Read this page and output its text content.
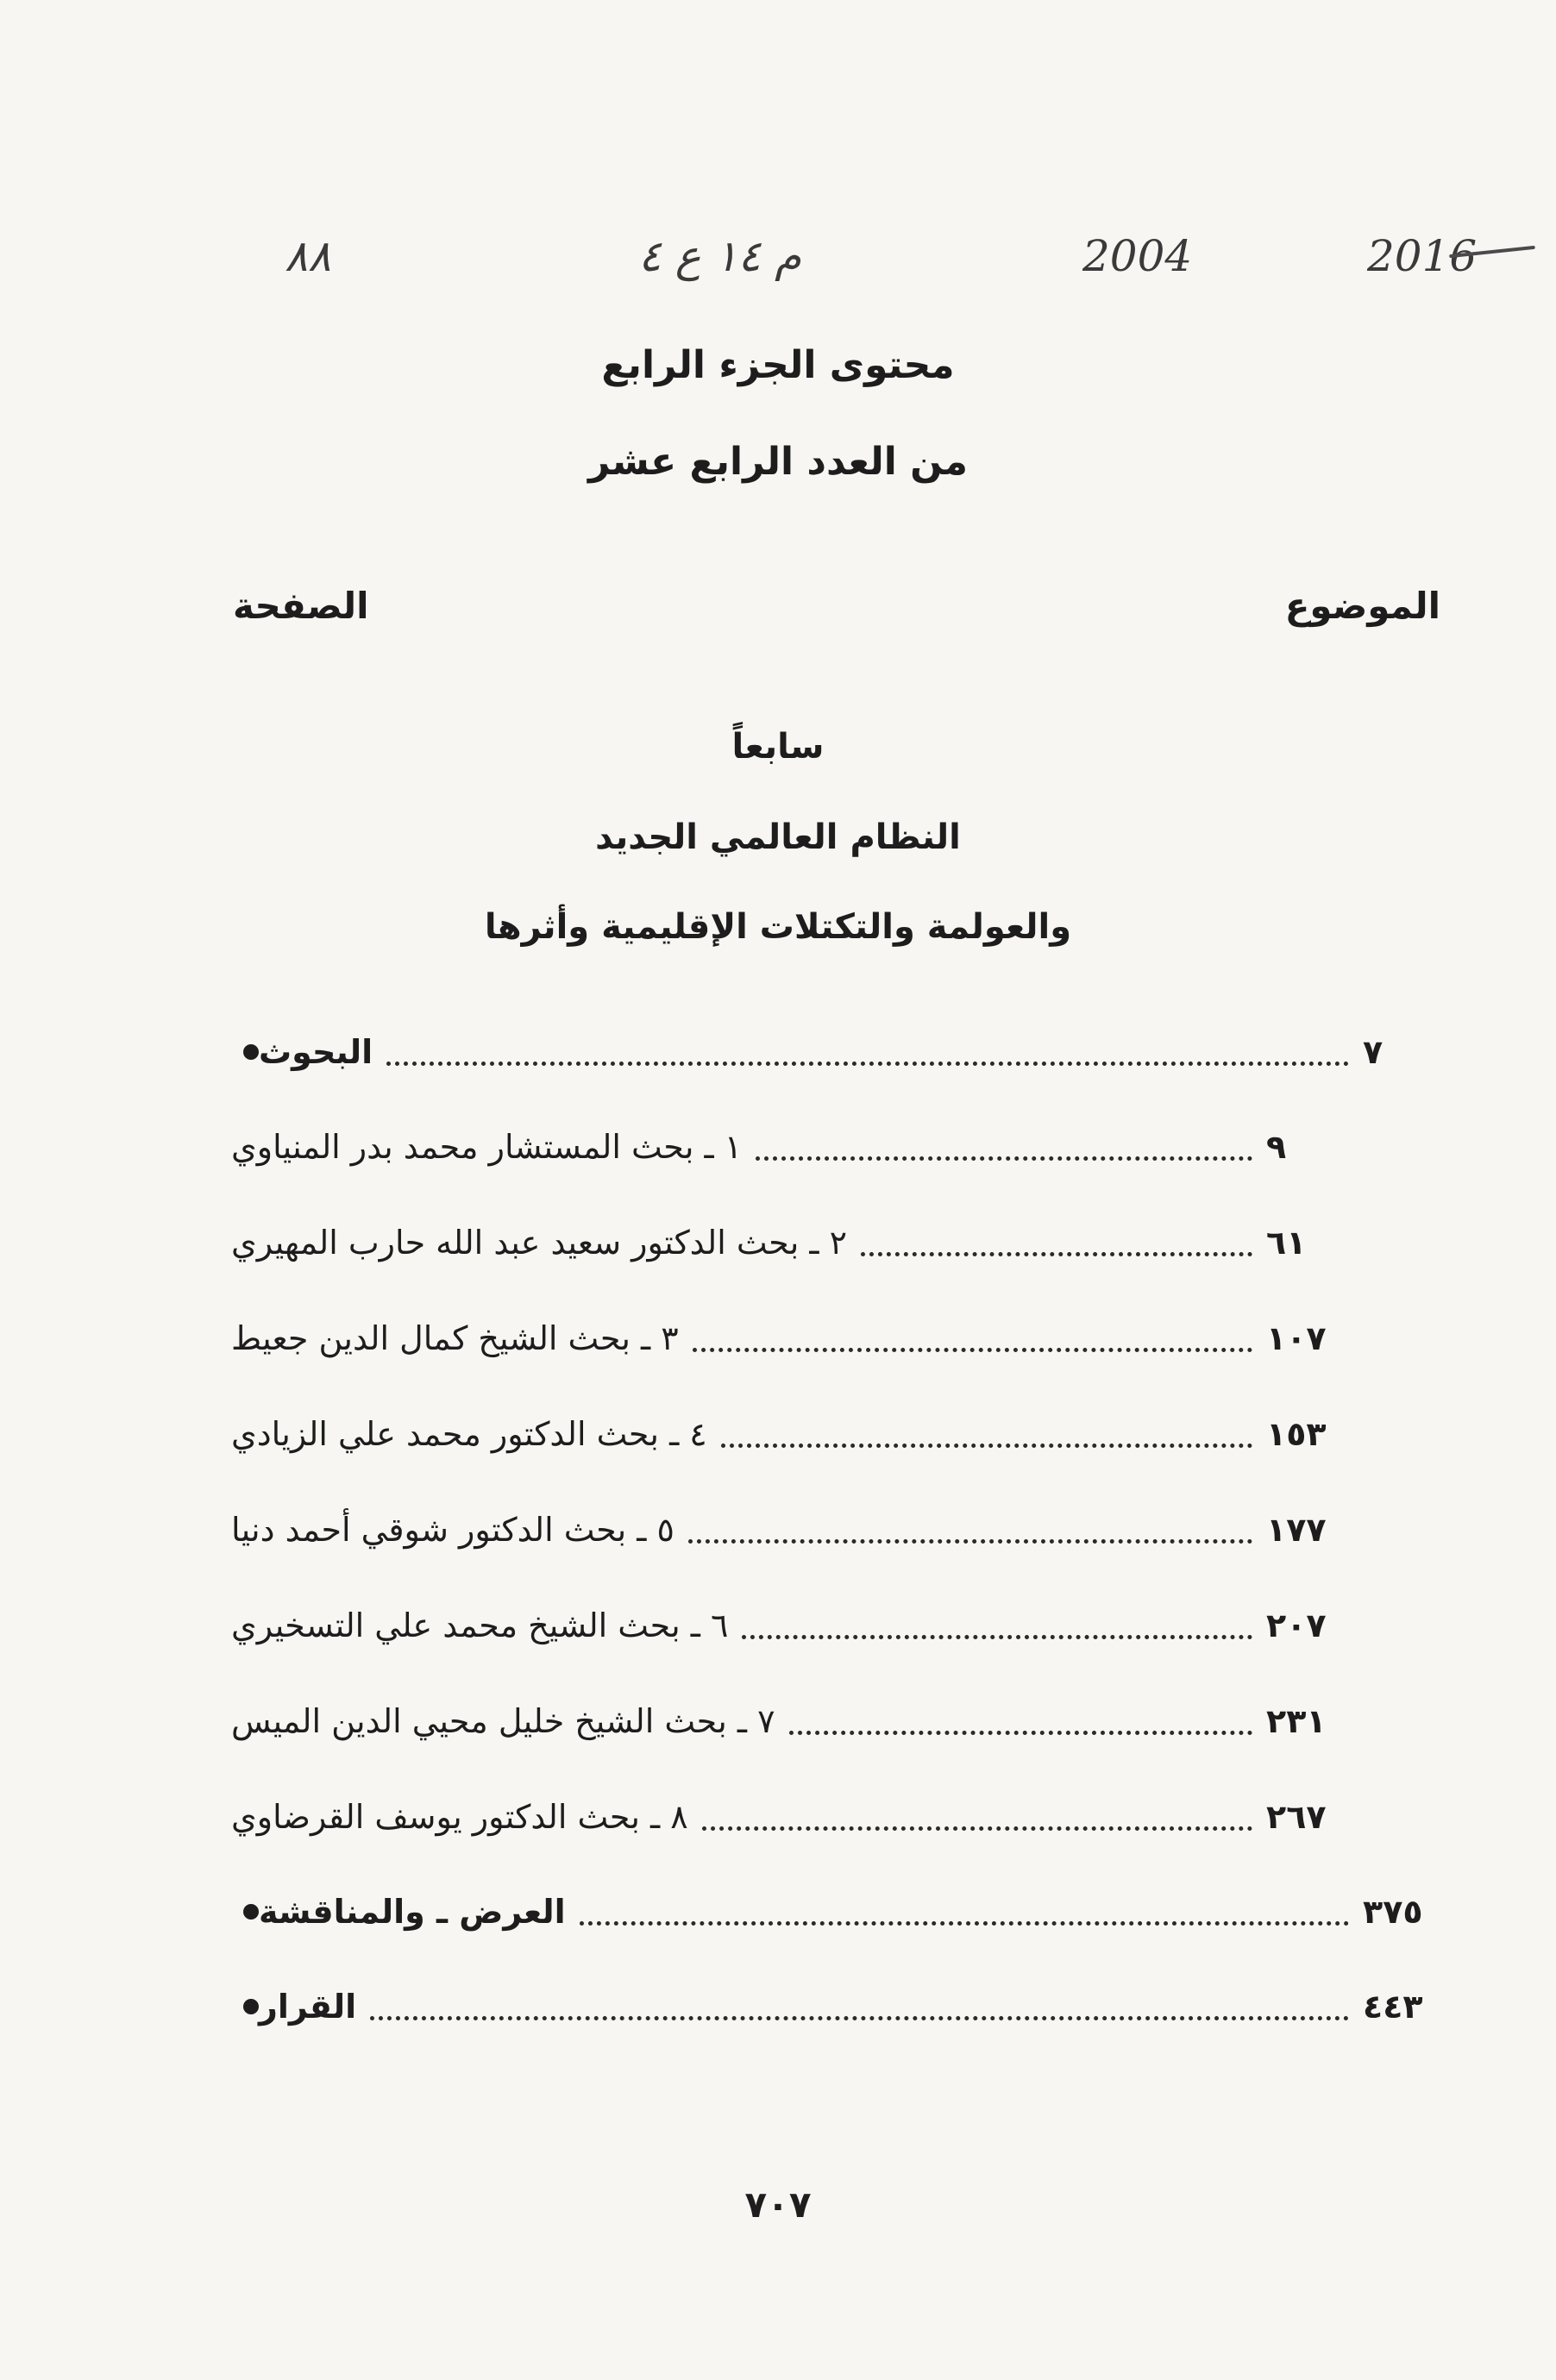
2016
2004
م ١٤ ع ٤
٨٨
محتوى الجزء الرابع
من العدد الرابع عشر
الموضوع
الصفحة
سابعاً
النظام العالمي الجديد
والعولمة والتكتلات الإقليمية وأثرها
البحوث	٧
١ ـ بحث المستشار محمد بدر المنياوي	٩
٢ ـ بحث الدكتور سعيد عبد الله حارب المهيري	٦١
٣ ـ بحث الشيخ كمال الدين جعيط	١٠٧
٤ ـ بحث الدكتور محمد علي الزيادي	١٥٣
٥ ـ بحث الدكتور شوقي أحمد دنيا	١٧٧
٦ ـ بحث الشيخ محمد علي التسخيري	٢٠٧
٧ ـ بحث الشيخ خليل محيي الدين الميس	٢٣١
٨ ـ بحث الدكتور يوسف القرضاوي	٢٦٧
العرض ـ والمناقشة	٣٧٥
القرار	٤٤٣
٧٠٧
